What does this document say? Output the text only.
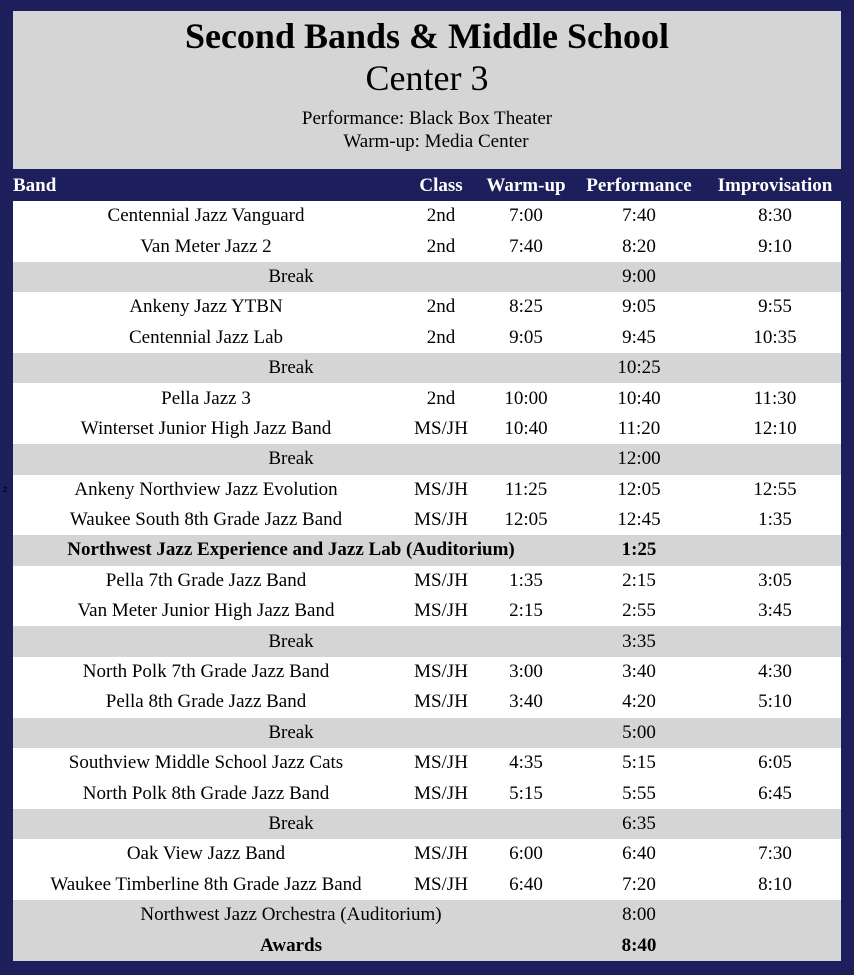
Second Bands & Middle School
Center 3
Performance: Black Box Theater
Warm-up: Media Center
z
Band	Class	Warm-up	Performance	Improvisation
Centennial Jazz Vanguard	2nd	7:00	7:40	8:30
Van Meter Jazz 2	2nd	7:40	8:20	9:10
Break			9:00	
Ankeny Jazz YTBN	2nd	8:25	9:05	9:55
Centennial Jazz Lab	2nd	9:05	9:45	10:35
Break			10:25	
Pella Jazz 3	2nd	10:00	10:40	11:30
Winterset Junior High Jazz Band	MS/JH	10:40	11:20	12:10
Break			12:00	
Ankeny Northview Jazz Evolution	MS/JH	11:25	12:05	12:55
Waukee South 8th Grade Jazz Band	MS/JH	12:05	12:45	1:35
Northwest Jazz Experience and Jazz Lab (Auditorium)			1:25	
Pella 7th Grade Jazz Band	MS/JH	1:35	2:15	3:05
Van Meter Junior High Jazz Band	MS/JH	2:15	2:55	3:45
Break			3:35	
North Polk 7th Grade Jazz Band	MS/JH	3:00	3:40	4:30
Pella 8th Grade Jazz Band	MS/JH	3:40	4:20	5:10
Break			5:00	
Southview Middle School Jazz Cats	MS/JH	4:35	5:15	6:05
North Polk 8th Grade Jazz Band	MS/JH	5:15	5:55	6:45
Break			6:35	
Oak View Jazz Band	MS/JH	6:00	6:40	7:30
Waukee Timberline 8th Grade Jazz Band	MS/JH	6:40	7:20	8:10
Northwest Jazz Orchestra (Auditorium)			8:00	
Awards			8:40	
